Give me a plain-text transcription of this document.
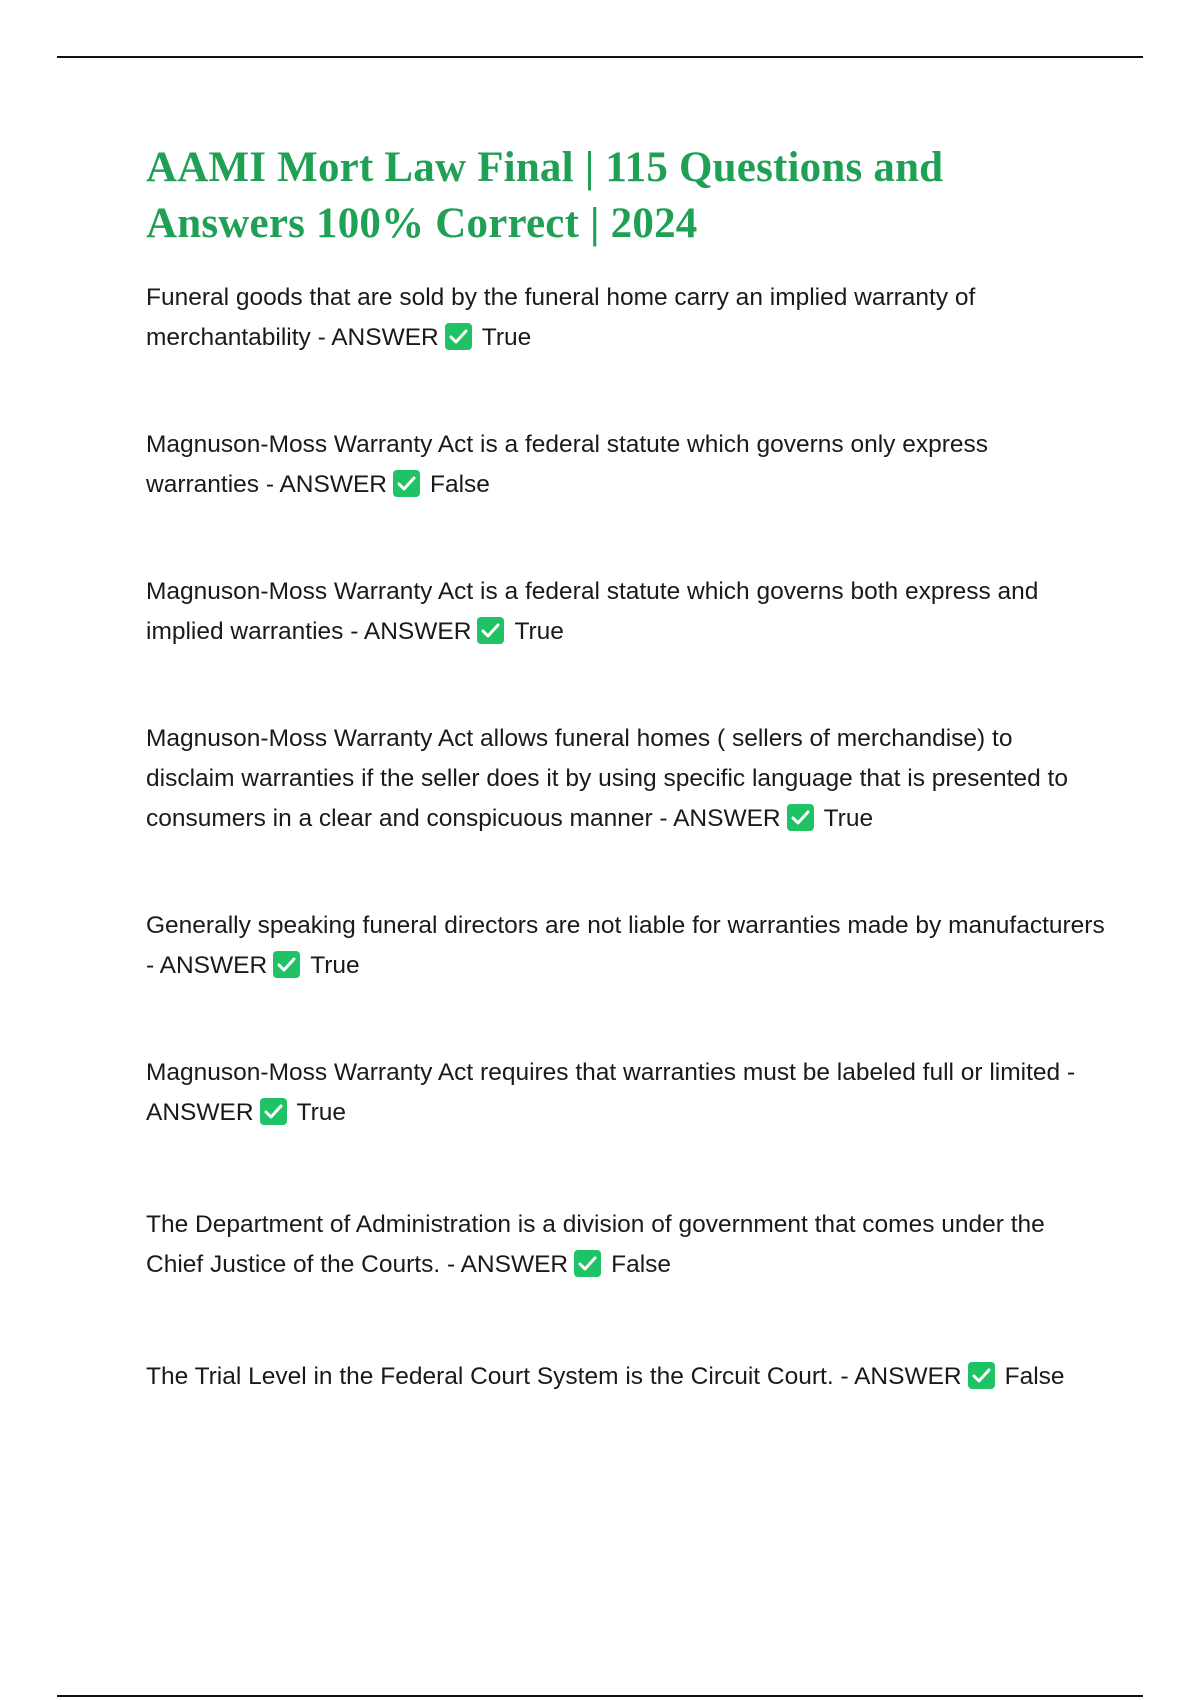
AAMI Mort Law Final | 115 Questions and Answers 100% Correct | 2024
Funeral goods that are sold by the funeral home carry an implied warranty of merchantability - ANSWER True
Magnuson-Moss Warranty Act is a federal statute which governs only express warranties - ANSWER False
Magnuson-Moss Warranty Act is a federal statute which governs both express and implied warranties - ANSWER True
Magnuson-Moss Warranty Act allows funeral homes ( sellers of merchandise) to disclaim warranties if the seller does it by using specific language that is presented to consumers in a clear and conspicuous manner - ANSWER True
Generally speaking funeral directors are not liable for warranties made by manufacturers - ANSWER True
Magnuson-Moss Warranty Act requires that warranties must be labeled full or limited - ANSWER True
The Department of Administration is a division of government that comes under the Chief Justice of the Courts. - ANSWER False
The Trial Level in the Federal Court System is the Circuit Court. - ANSWER False
